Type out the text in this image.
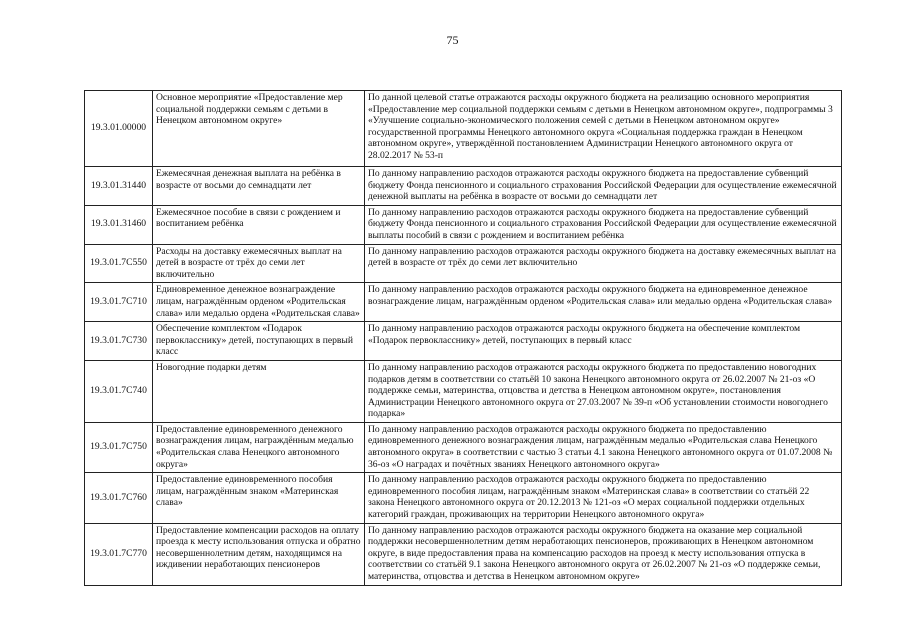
75
19.3.01.00000	Основное мероприятие «Предоставление мер социальной поддержки семьям с детьми в Ненецком автономном округе»	По данной целевой статье отражаются расходы окружного бюджета на реализацию основного мероприятия «Предоставление мер социальной поддержки семьям с детьми в Ненецком автономном округе», подпрограммы 3 «Улучшение социально-экономического положения семей с детьми в Ненецком автономном округе» государственной программы Ненецкого автономного округа «Социальная поддержка граждан в Ненецком автономном округе», утверждённой постановлением Администрации Ненецкого автономного округа от 28.02.2017 № 53-п
19.3.01.31440	Ежемесячная денежная выплата на ребёнка в возрасте от восьми до семнадцати лет	По данному направлению расходов отражаются расходы окружного бюджета на предоставление субвенций бюджету Фонда пенсионного и социального страхования Российской Федерации для осуществление ежемесячной денежной выплаты на ребёнка в возрасте от восьми до семнадцати лет
19.3.01.31460	Ежемесячное пособие в связи с рождением и воспитанием ребёнка	По данному направлению расходов отражаются расходы окружного бюджета на предоставление субвенций бюджету Фонда пенсионного и социального страхования Российской Федерации для осуществление ежемесячной выплаты пособий в связи с рождением и воспитанием ребёнка
19.3.01.7С550	Расходы на доставку ежемесячных выплат на детей в возрасте от трёх до семи лет включительно	По данному направлению расходов отражаются расходы окружного бюджета на доставку ежемесячных выплат на детей в возрасте от трёх до семи лет включительно
19.3.01.7С710	Единовременное денежное вознаграждение лицам, награждённым орденом «Родительская слава» или медалью ордена «Родительская слава»	По данному направлению расходов отражаются расходы окружного бюджета на единовременное денежное вознаграждение лицам, награждённым орденом «Родительская слава» или медалью ордена «Родительская слава»
19.3.01.7С730	Обеспечение комплектом «Подарок первокласснику» детей, поступающих в первый класс	По данному направлению расходов отражаются расходы окружного бюджета на обеспечение комплектом «Подарок первокласснику» детей, поступающих в первый класс
19.3.01.7С740	Новогодние подарки детям	По данному направлению расходов отражаются расходы окружного бюджета по предоставлению новогодних подарков детям в соответствии со статьёй 10 закона Ненецкого автономного округа от 26.02.2007 № 21-оз «О поддержке семьи, материнства, отцовства и детства в Ненецком автономном округе», постановления Администрации Ненецкого автономного округа от 27.03.2007 № 39-п «Об установлении стоимости новогоднего подарка»
19.3.01.7С750	Предоставление единовременного денежного вознаграждения лицам, награждённым медалью «Родительская слава Ненецкого автономного округа»	По данному направлению расходов отражаются расходы окружного бюджета по предоставлению единовременного денежного вознаграждения лицам, награждённым медалью «Родительская слава Ненецкого автономного округа» в соответствии с частью 3 статьи 4.1 закона Ненецкого автономного округа от 01.07.2008 № 36-оз «О наградах и почётных званиях Ненецкого автономного округа»
19.3.01.7С760	Предоставление единовременного пособия лицам, награждённым знаком «Материнская слава»	По данному направлению расходов отражаются расходы окружного бюджета по предоставлению единовременного пособия лицам, награждённым знаком «Материнская слава» в соответствии со статьёй 22 закона Ненецкого автономного округа от 20.12.2013 № 121-оз «О мерах социальной поддержки отдельных категорий граждан, проживающих на территории Ненецкого автономного округа»
19.3.01.7С770	Предоставление компенсации расходов на оплату проезда к месту использования отпуска и обратно несовершеннолетним детям, находящимся на иждивении неработающих пенсионеров	По данному направлению расходов отражаются расходы окружного бюджета на оказание мер социальной поддержки несовершеннолетним детям неработающих пенсионеров, проживающих в Ненецком автономном округе, в виде предоставления права на компенсацию расходов на проезд к месту использования отпуска в соответствии со статьёй 9.1 закона Ненецкого автономного округа от 26.02.2007 № 21-оз «О поддержке семьи, материнства, отцовства и детства в Ненецком автономном округе»
